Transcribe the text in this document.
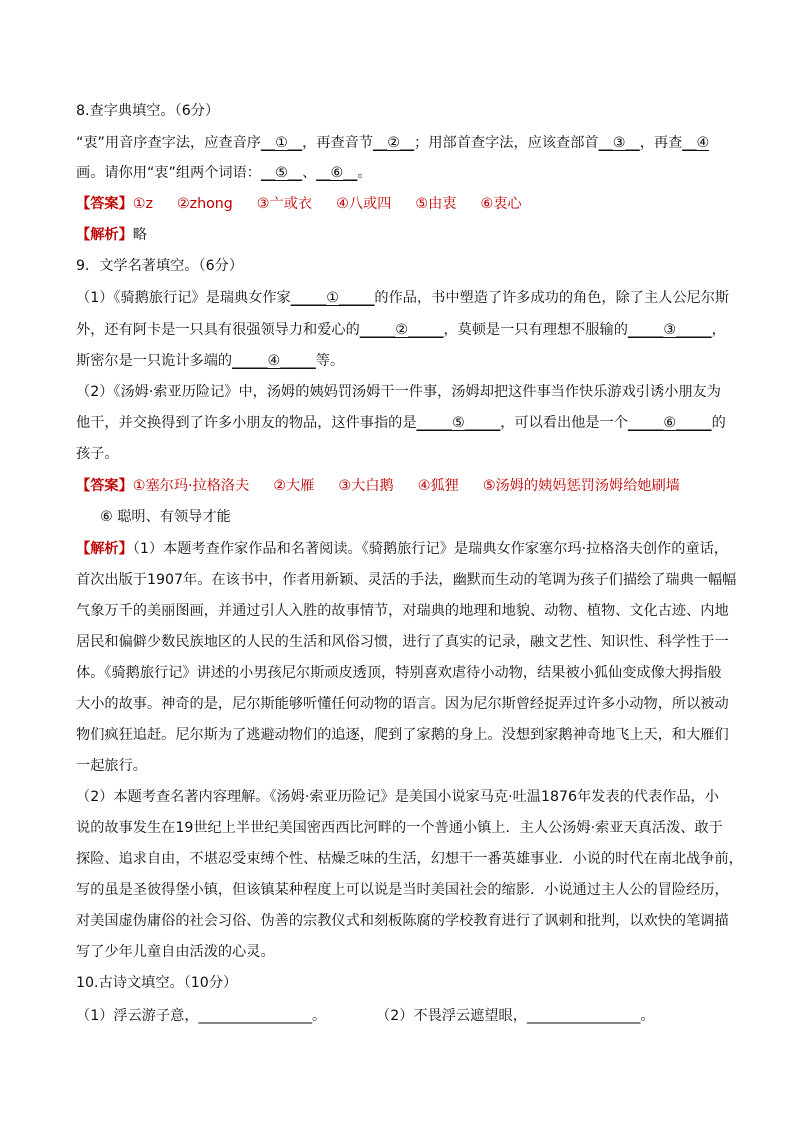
8.查字典填空。（6分）
“衷”用音序查字法，应查音序__①__，再查音节__②__；用部首查字法，应该查部首__③__，再查__④
画。请你用“衷”组两个词语：__⑤__、__⑥__。
【答案】①z ②zhong ③亠或衣 ④八或四 ⑤由衷 ⑥衷心
【解析】略
9．文学名著填空。（6分）
（1）《骑鹅旅行记》是瑞典女作家_____①_____的作品，书中塑造了许多成功的角色，除了主人公尼尔斯
外，还有阿卡是一只具有很强领导力和爱心的_____②_____，莫顿是一只有理想不服输的_____③_____，
斯密尔是一只诡计多端的_____④_____等。
（2）《汤姆·索亚历险记》中，汤姆的姨妈罚汤姆干一件事，汤姆却把这件事当作快乐游戏引诱小朋友为
他干，并交换得到了许多小朋友的物品，这件事指的是_____⑤_____，可以看出他是一个_____⑥_____的
孩子。
【答案】①塞尔玛·拉格洛夫 ②大雁 ③大白鹅 ④狐狸 ⑤汤姆的姨妈惩罚汤姆给她刷墙
⑥ 聪明、有领导才能
【解析】（1）本题考查作家作品和名著阅读。《骑鹅旅行记》是瑞典女作家塞尔玛·拉格洛夫创作的童话，
首次出版于1907年。在该书中，作者用新颖、灵活的手法，幽默而生动的笔调为孩子们描绘了瑞典一幅幅
气象万千的美丽图画，并通过引人入胜的故事情节，对瑞典的地理和地貌、动物、植物、文化古迹、内地
居民和偏僻少数民族地区的人民的生活和风俗习惯，进行了真实的记录，融文艺性、知识性、科学性于一
体。《骑鹅旅行记》讲述的小男孩尼尔斯顽皮透顶，特别喜欢虐待小动物，结果被小狐仙变成像大拇指般
大小的故事。神奇的是，尼尔斯能够听懂任何动物的语言。因为尼尔斯曾经捉弄过许多小动物，所以被动
物们疯狂追赶。尼尔斯为了逃避动物们的追逐，爬到了家鹅的身上。没想到家鹅神奇地飞上天，和大雁们
一起旅行。
（2）本题考查名著内容理解。《汤姆·索亚历险记》是美国小说家马克·吐温1876年发表的代表作品，小
说的故事发生在19世纪上半世纪美国密西西比河畔的一个普通小镇上．主人公汤姆·索亚天真活泼、敢于
探险、追求自由，不堪忍受束缚个性、枯燥乏味的生活，幻想干一番英雄事业．小说的时代在南北战争前，
写的虽是圣彼得堡小镇，但该镇某种程度上可以说是当时美国社会的缩影．小说通过主人公的冒险经历，
对美国虚伪庸俗的社会习俗、伪善的宗教仪式和刻板陈腐的学校教育进行了讽刺和批判，以欢快的笔调描
写了少年儿童自由活泼的心灵。
10.古诗文填空。（10分）
（1）浮云游子意，________________。	（2）不畏浮云遮望眼，________________。
